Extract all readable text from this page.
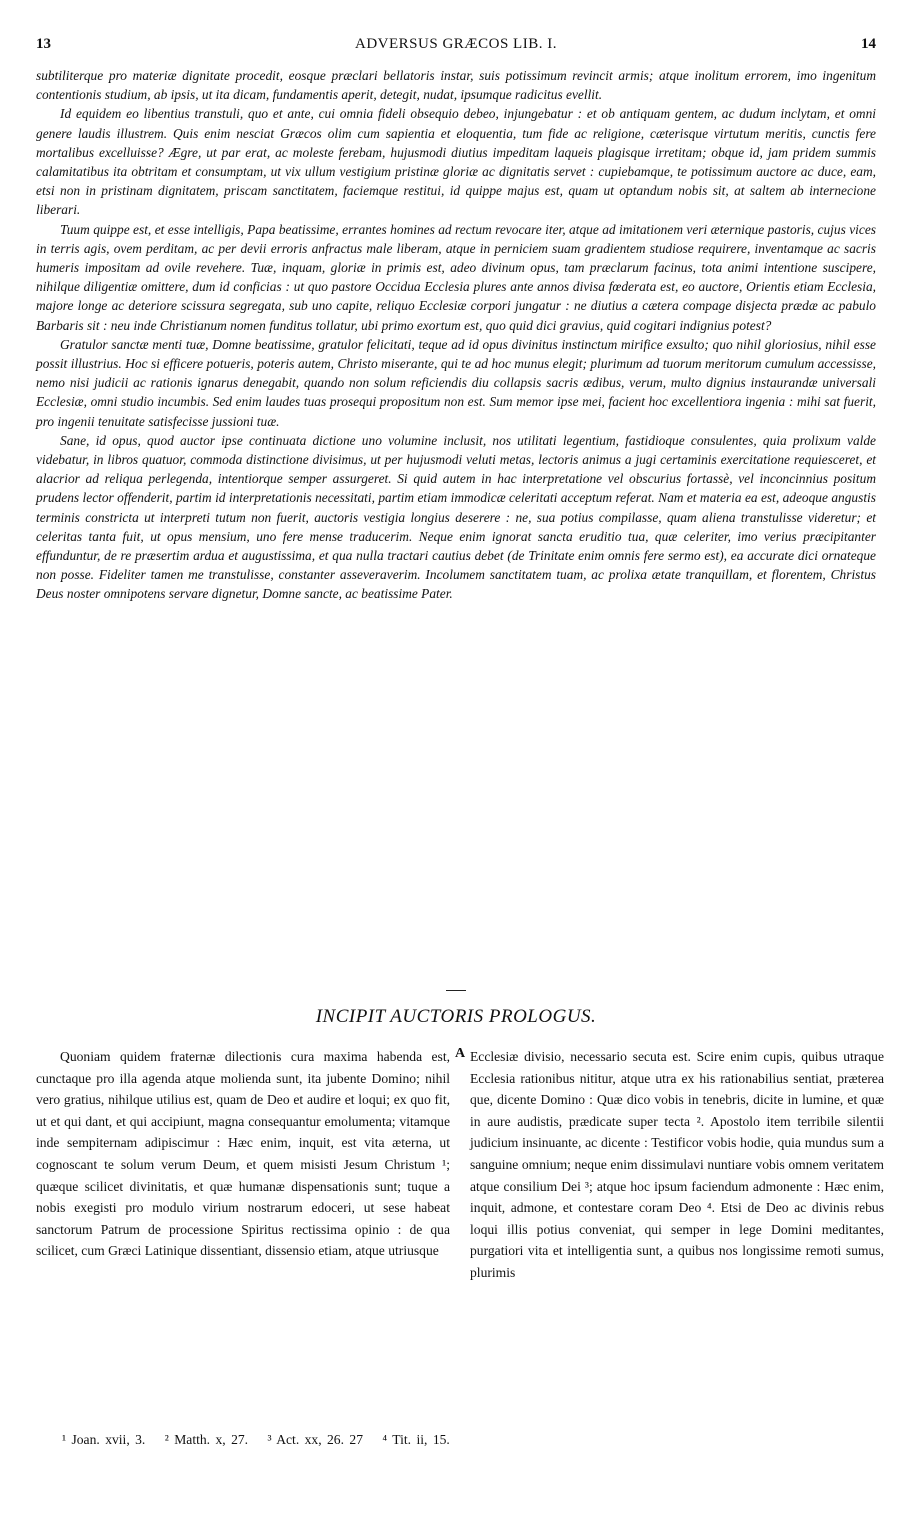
13	ADVERSUS GRÆCOS LIB. I.	14

subtiliterque pro materiæ dignitate procedit, eosque præclari bellatoris instar, suis potissimum revincit armis; atque inolitum errorem, imo ingenitum contentionis studium, ab ipsis, ut ita dicam, fundamentis aperit, detegit, nudat, ipsumque radicitus evellit.

Id equidem eo libentius transtuli, quo et ante, cui omnia fideli obsequio debeo, injungebatur : et ob antiquam gentem, ac dudum inclytam, et omni genere laudis illustrem. Quis enim nesciat Græcos olim cum sapientia et eloquentia, tum fide ac religione, cæterisque virtutum meritis, cunctis fere mortalibus excelluisse? Ægre, ut par erat, ac moleste ferebam, hujusmodi diutius impeditam laqueis plagisque irretitam; obque id, jam pridem summis calamitatibus ita obtritam et consumptam, ut vix ullum vestigium pristinæ gloriæ ac dignitatis servet : cupiebamque, te potissimum auctore ac duce, eam, etsi non in pristinam dignitatem, priscam sanctitatem, faciemque restitui, id quippe majus est, quam ut optandum nobis sit, at saltem ab internecione liberari.

Tuum quippe est, et esse intelligis, Papa beatissime, errantes homines ad rectum revocare iter, atque ad imitationem veri æternique pastoris, cujus vices in terris agis, ovem perditam, ac per devii erroris anfractus male liberam, atque in perniciem suam gradientem studiose requirere, inventamque ac sacris humeris impositam ad ovile revehere. Tuæ, inquam, gloriæ in primis est, adeo divinum opus, tam præclarum facinus, tota animi intentione suscipere, nihilque diligentiæ omittere, dum id conficias : ut quo pastore Occidua Ecclesia plures ante annos divisa fœderata est, eo auctore, Orientis etiam Ecclesia, majore longe ac deteriore scissura segregata, sub uno capite, reliquo Ecclesiæ corpori jungatur : ne diutius a cætera compage disjecta prædæ ac pabulo Barbaris sit : neu inde Christianum nomen funditus tollatur, ubi primo exortum est, quo quid dici gravius, quid cogitari indignius potest?

Gratulor sanctæ menti tuæ, Domne beatissime, gratulor felicitati, teque ad id opus divinitus instinctum mirifice exsulto; quo nihil gloriosius, nihil esse possit illustrius. Hoc si efficere potueris, poteris autem, Christo miserante, qui te ad hoc munus elegit; plurimum ad tuorum meritorum cumulum accessisse, nemo nisi judicii ac rationis ignarus denegabit, quando non solum reficiendis diu collapsis sacris ædibus, verum, multo dignius instaurandæ universali Ecclesiæ, omni studio incumbis. Sed enim laudes tuas prosequi propositum non est. Sum memor ipse mei, facient hoc excellentiora ingenia : mihi sat fuerit, pro ingenii tenuitate satisfecisse jussioni tuæ.

Sane, id opus, quod auctor ipse continuata dictione uno volumine inclusit, nos utilitati legentium, fastidioque consulentes, quia prolixum valde videbatur, in libros quatuor, commoda distinctione divisimus, ut per hujusmodi veluti metas, lectoris animus a jugi certaminis exercitatione requiesceret, et alacrior ad reliqua perlegenda, intentiorque semper assurgeret. Si quid autem in hac interpretatione vel obscurius fortassè, vel inconcinnius positum prudens lector offenderit, partim id interpretationis necessitati, partim etiam immodicæ celeritati acceptum referat. Nam et materia ea est, adeoque angustis terminis constricta ut interpreti tutum non fuerit, auctoris vestigia longius deserere : ne, sua potius compilasse, quam aliena transtulisse videretur; et celeritas tanta fuit, ut opus mensium, uno fere mense traducerim. Neque enim ignorat sancta eruditio tua, quæ celeriter, imo verius præcipitanter effunduntur, de re præsertim ardua et augustissima, et qua nulla tractari cautius debet (de Trinitate enim omnis fere sermo est), ea accurate dici ornateque non posse. Fideliter tamen me transtulisse, constanter asseveraverim. Incolumem sanctitatem tuam, ac prolixa ætate tranquillam, et florentem, Christus Deus noster omnipotens servare dignetur, Domne sancte, ac beatissime Pater.

INCIPIT AUCTORIS PROLOGUS.

Quoniam quidem fraternæ dilectionis cura maxima habenda est, cunctaque pro illa agenda atque molienda sunt, ita jubente Domino; nihil vero gratius, nihilque utilius est, quam de Deo et audire et loqui; ex quo fit, ut et qui dant, et qui accipiunt, magna consequantur emolumenta; vitamque inde sempiternam adipiscimur : Hæc enim, inquit, est vita æterna, ut cognoscant te solum verum Deum, et quem misisti Jesum Christum ¹; quæque scilicet divinitatis, et quæ humanæ dispensationis sunt; tuque a nobis exegisti pro modulo virium nostrarum edoceri, ut sese habeat sanctorum Patrum de processione Spiritus rectissima opinio : de qua scilicet, cum Græci Latinique dissentiant, dissensio etiam, atque utriusque

A Ecclesiæ divisio, necessario secuta est. Scire enim cupis, quibus utraque Ecclesia rationibus nititur, atque utra ex his rationabilius sentiat, præterea que, dicente Domino : Quæ dico vobis in tenebris, dicite in lumine, et quæ in aure audistis, prædicate super tecta ². Apostolo item terribile silentii judicium insinuante, ac dicente : Testificor vobis hodie, quia mundus sum a sanguine omnium; neque enim dissimulavi nuntiare vobis omnem veritatem atque consilium Dei ³; atque hoc ipsum faciendum admonente : Hæc enim, inquit, admone, et contestare coram Deo ⁴. Etsi de Deo ac divinis rebus loqui illis potius conveniat, qui semper in lege Domini meditantes, purgatiori vita et intelligentia sunt, a quibus nos longissime remoti sumus, plurimis

¹ Joan. xvii, 3. ² Matth. x, 27. ³ Act. xx, 26. 27 ⁴ Tit. ii, 15.
